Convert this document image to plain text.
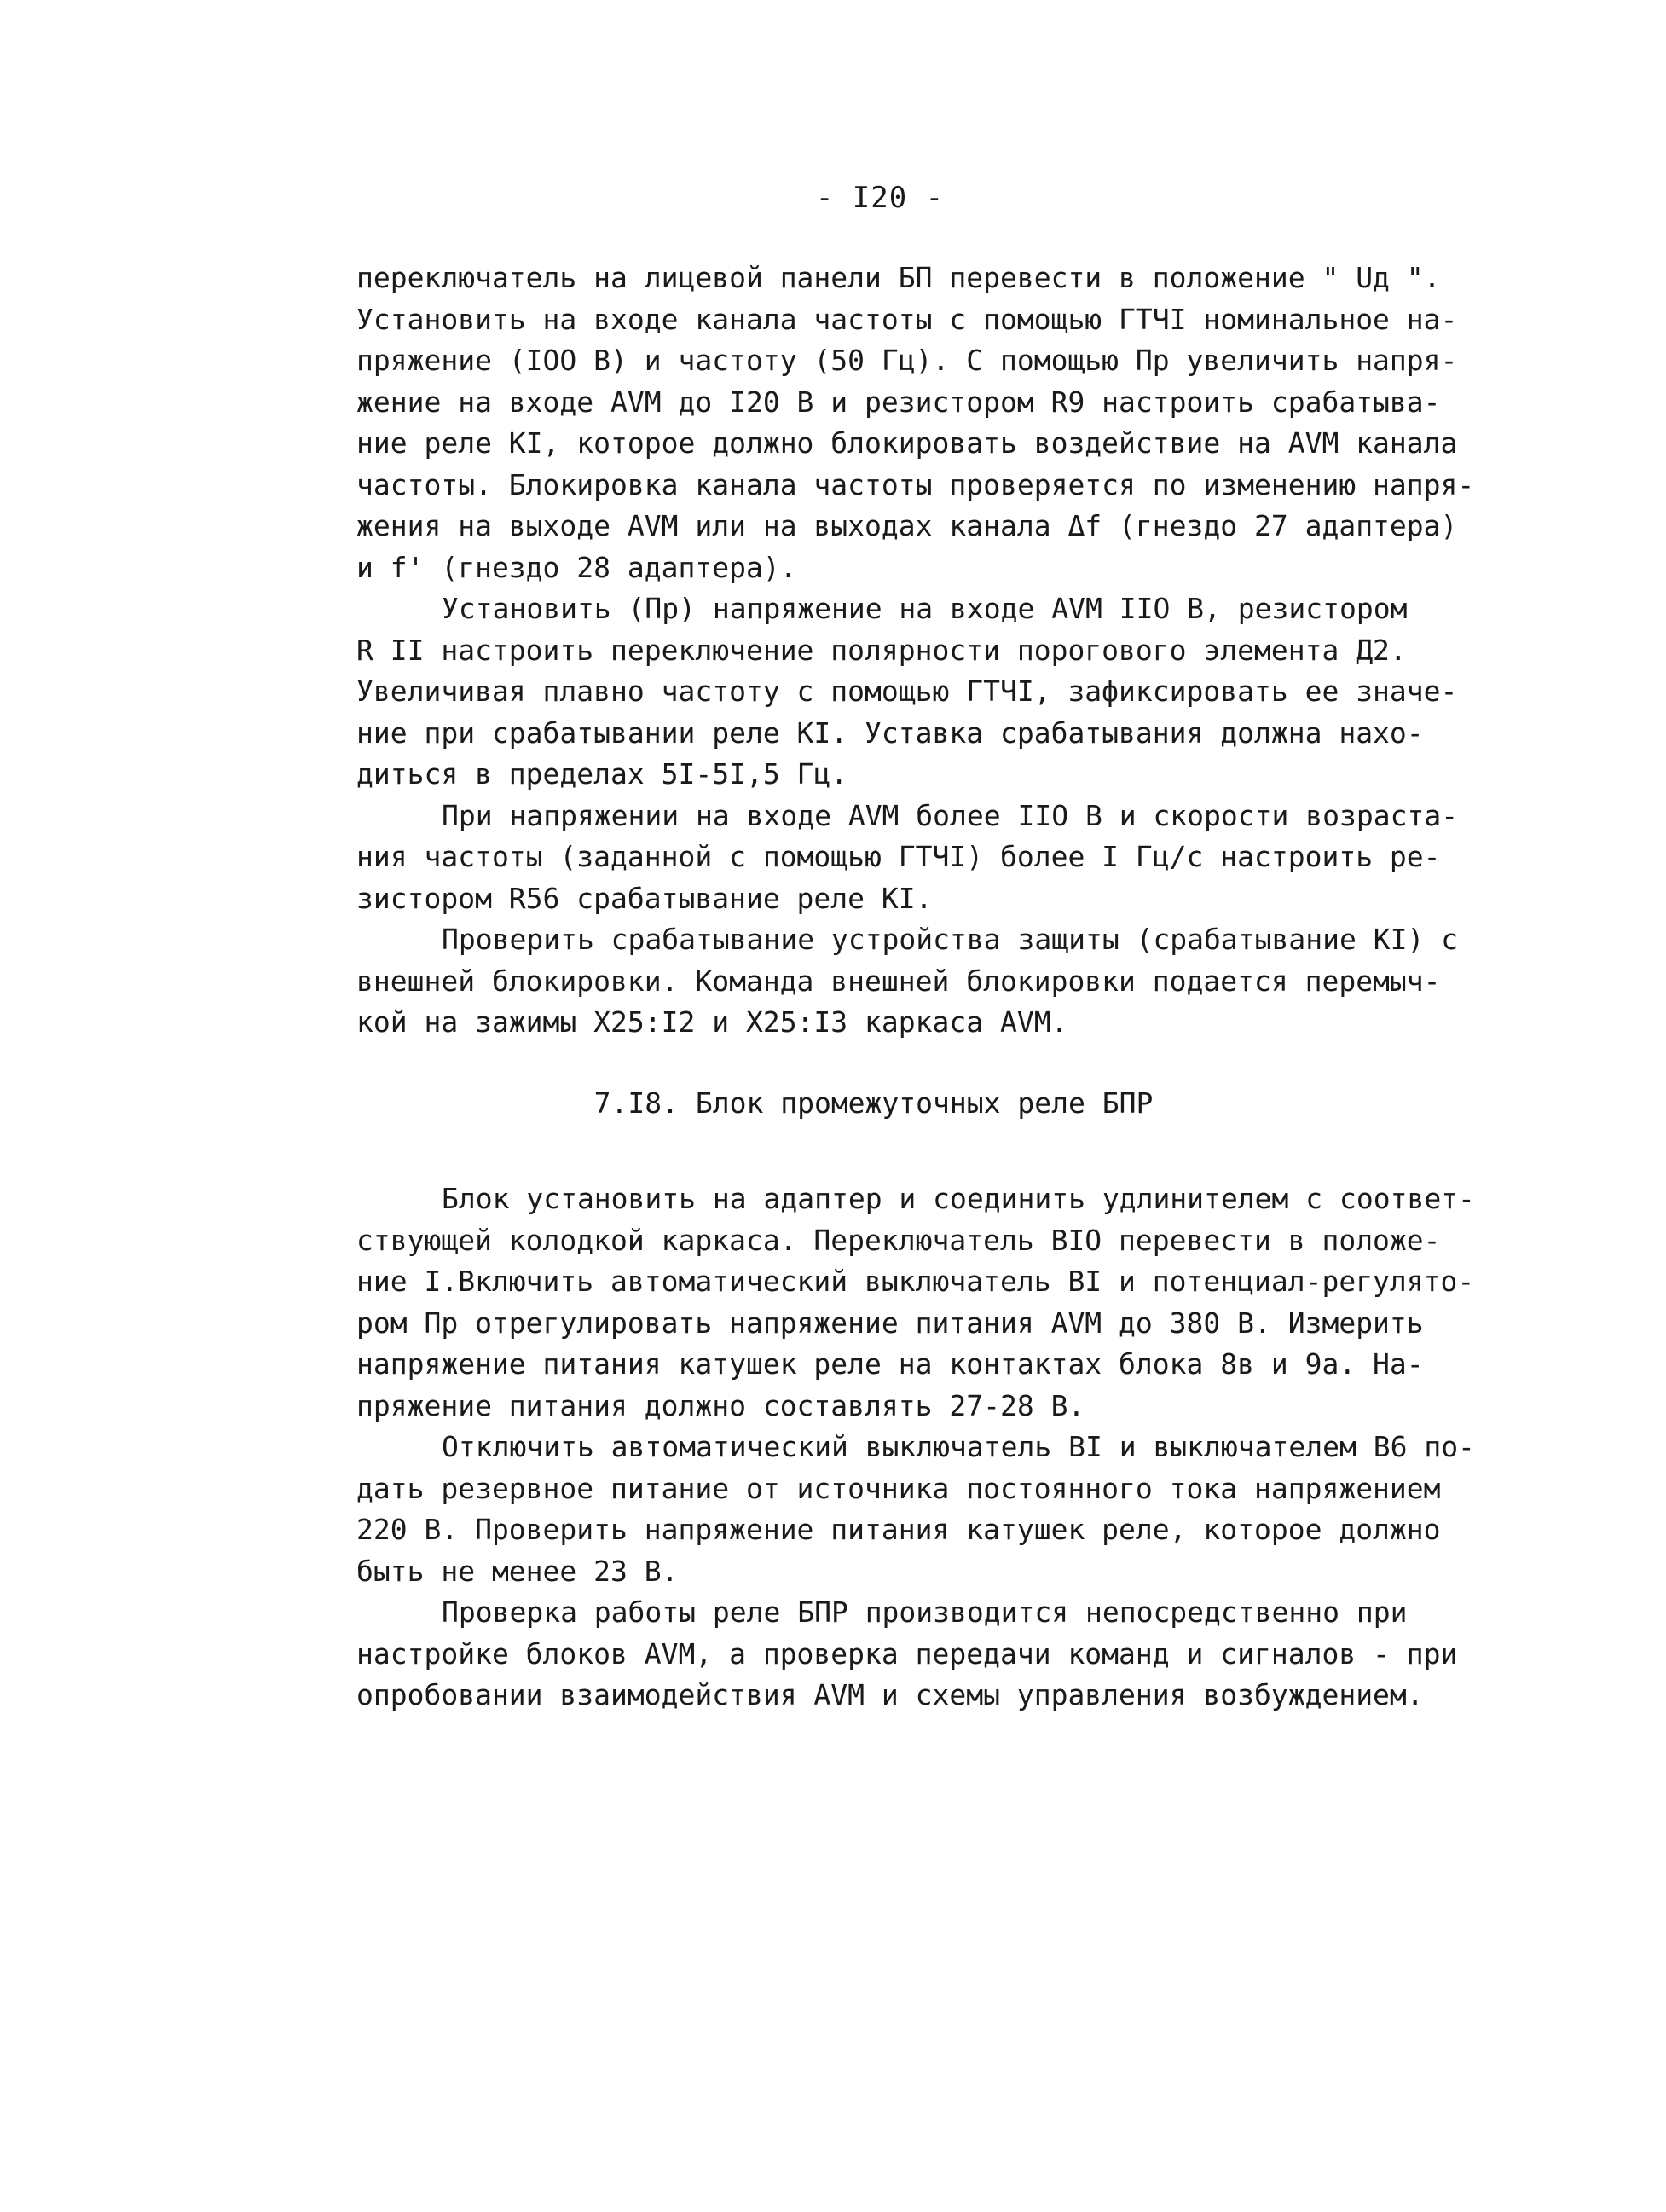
- I20 -

переключатель на лицевой панели БП перевести в положение " Uд ".
Установить на входе канала частоты с помощью ГТЧI номинальное на-
пряжение (IOO В) и частоту (50 Гц). С помощью Пр увеличить напря-
жение на входе AVM до I20 В и резистором R9 настроить срабатыва-
ние реле KI, которое должно блокировать воздействие на AVM канала
частоты. Блокировка канала частоты проверяется по изменению напря-
жения на выходе AVM или на выходах канала Δf (гнездо 27 адаптера)
и f' (гнездо 28 адаптера).

Установить (Пр) напряжение на входе AVM IIO В, резистором
R II настроить переключение полярности порогового элемента Д2.
Увеличивая плавно частоту с помощью ГТЧI, зафиксировать ее значе-
ние при срабатывании реле KI. Уставка срабатывания должна нахо-
диться в пределах 5I-5I,5 Гц.

При напряжении на входе AVM более IIO В и скорости возраста-
ния частоты (заданной с помощью ГТЧI) более I Гц/с настроить ре-
зистором R56 срабатывание реле KI.

Проверить срабатывание устройства защиты (срабатывание KI) с
внешней блокировки. Команда внешней блокировки подается перемыч-
кой на зажимы X25:I2 и X25:I3 каркаса AVM.

7.I8. Блок промежуточных реле БПР

Блок установить на адаптер и соединить удлинителем с соответ-
ствующей колодкой каркаса. Переключатель BIO перевести в положе-
ние I.Включить автоматический выключатель BI и потенциал-регулято-
ром Пр отрегулировать напряжение питания AVM до 380 В. Измерить
напряжение питания катушек реле на контактах блока 8в и 9а. На-
пряжение питания должно составлять 27-28 В.

Отключить автоматический выключатель BI и выключателем B6 по-
дать резервное питание от источника постоянного тока напряжением
220 В. Проверить напряжение питания катушек реле, которое должно
быть не менее 23 В.

Проверка работы реле БПР производится непосредственно при
настройке блоков AVM, а проверка передачи команд и сигналов - при
опробовании взаимодействия AVM и схемы управления возбуждением.
